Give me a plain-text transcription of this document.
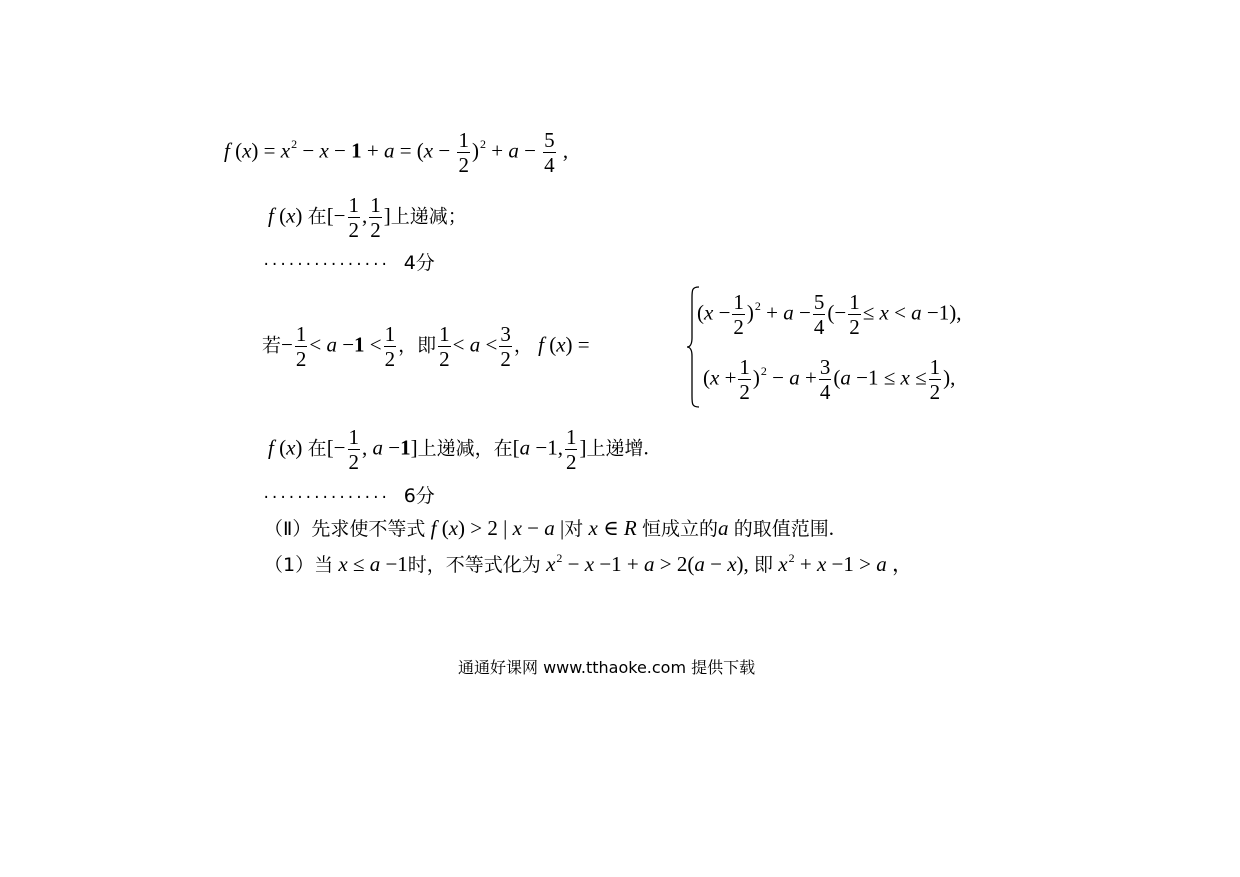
f $(x) = x^2 - x - 1 + a = (x - \frac{1}{2} )^2 + a - \frac{5}{4}$ ,
f (x) 在[− $\frac{1}{2}$ , $\frac{1}{2}$ ]上递减；
··············· 4分
若− $\frac{1}{2} < a -1 < \frac{1}{2}$ ，即 $\frac{1}{2} < a < \frac{3}{2}$ ， f (x) =
$(x - \frac{1}{2} )^2 + a - \frac{5}{4}$ (− $\frac{1}{2} \le x < a -1$),
$(x + \frac{1}{2} )^2 - a + \frac{3}{4} (a -1 \le x \le \frac{1}{2}$ ),
f (x) 在[− $\frac{1}{2}$ , a −1]上递减，在[a −1, $\frac{1}{2}$ ]上递增.
··············· 6分
（Ⅱ）先求使不等式 f (x) > 2 | x − a |对 x ∈ R 恒成立的a 的取值范围.
（1）当 x ≤ a −1时，不等式化为 $x^2 - x -1 + a > 2(a - x)$, 即 $x^2 + x -1 > a$ ，
通通好课网 www.tthaoke.com 提供下载
